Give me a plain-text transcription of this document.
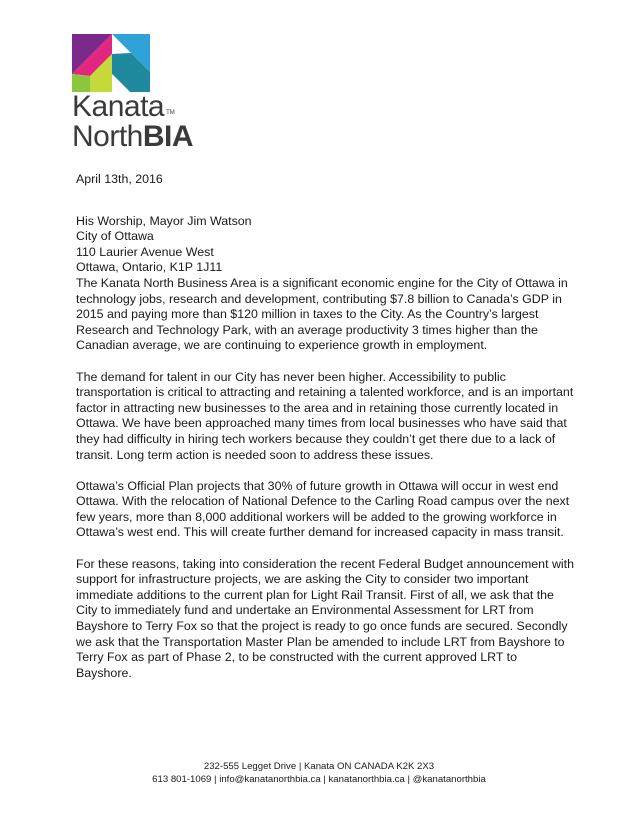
Kanata ™
NorthBIA

April 13th, 2016

His Worship, Mayor Jim Watson
City of Ottawa
110 Laurier Avenue West
Ottawa, Ontario, K1P 1J11

The Kanata North Business Area is a significant economic engine for the City of Ottawa in technology jobs, research and development, contributing $7.8 billion to Canada’s GDP in 2015 and paying more than $120 million in taxes to the City. As the Country’s largest Research and Technology Park, with an average productivity 3 times higher than the Canadian average, we are continuing to experience growth in employment.

The demand for talent in our City has never been higher. Accessibility to public transportation is critical to attracting and retaining a talented workforce, and is an important factor in attracting new businesses to the area and in retaining those currently located in Ottawa. We have been approached many times from local businesses who have said that they had difficulty in hiring tech workers because they couldn’t get there due to a lack of transit. Long term action is needed soon to address these issues.

Ottawa’s Official Plan projects that 30% of future growth in Ottawa will occur in west end Ottawa. With the relocation of National Defence to the Carling Road campus over the next few years, more than 8,000 additional workers will be added to the growing workforce in Ottawa’s west end. This will create further demand for increased capacity in mass transit.

For these reasons, taking into consideration the recent Federal Budget announcement with support for infrastructure projects, we are asking the City to consider two important immediate additions to the current plan for Light Rail Transit. First of all, we ask that the City to immediately fund and undertake an Environmental Assessment for LRT from Bayshore to Terry Fox so that the project is ready to go once funds are secured. Secondly we ask that the Transportation Master Plan be amended to include LRT from Bayshore to Terry Fox as part of Phase 2, to be constructed with the current approved LRT to Bayshore.

232-555 Legget Drive | Kanata ON CANADA K2K 2X3
613 801-1069 | info@kanatanorthbia.ca | kanatanorthbia.ca | @kanatanorthbia
